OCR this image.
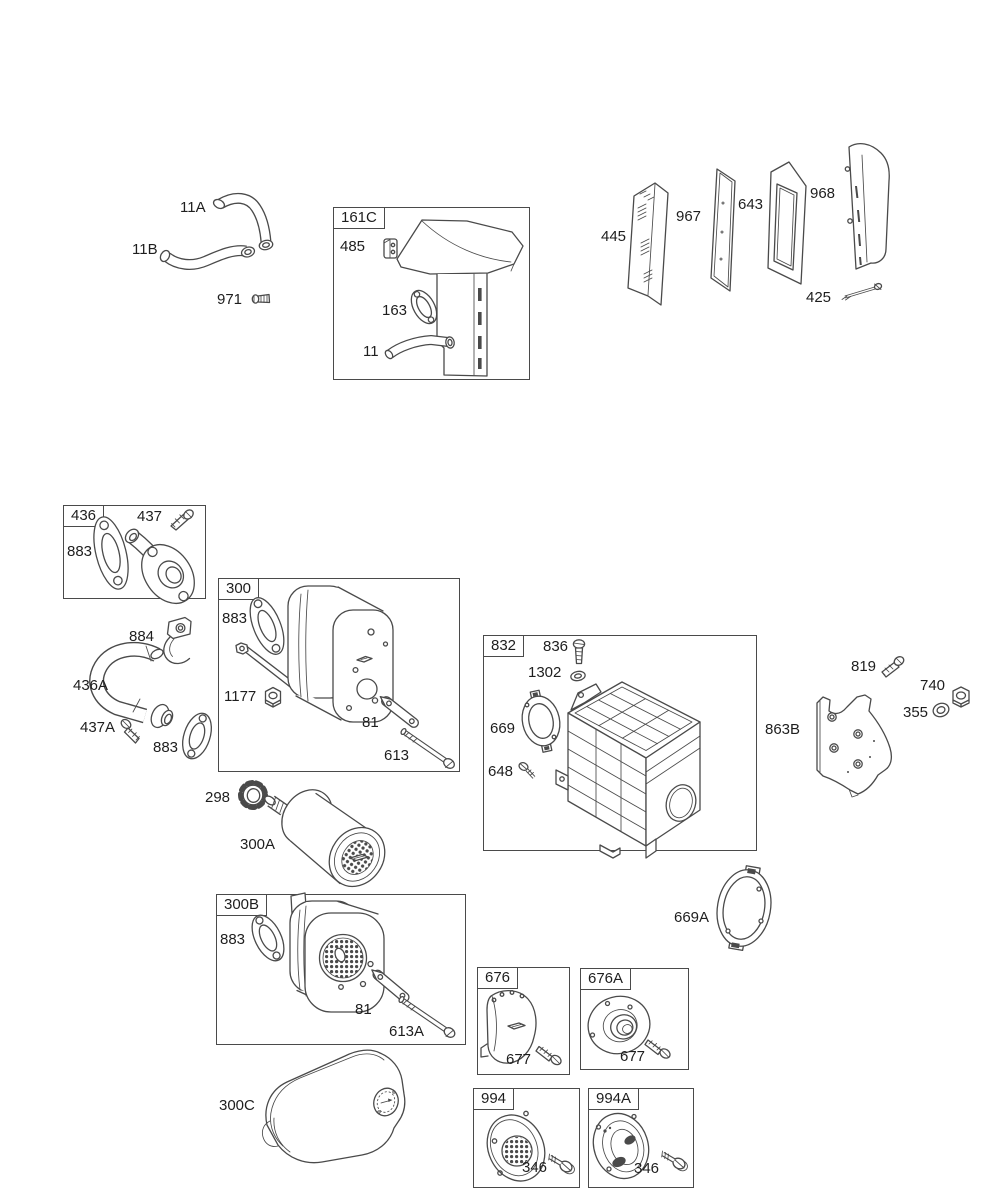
161C
436
300
832
300B
676	676A
994	994A
11A
11B
971
485
163
11
445
967
643
968
425
437
883
884
436A
437A
883
883
1177
81
613
836
1302
669
648
819
740
355
863B
298
300A
883
81
613A
669A
677	677
346	346
300C
